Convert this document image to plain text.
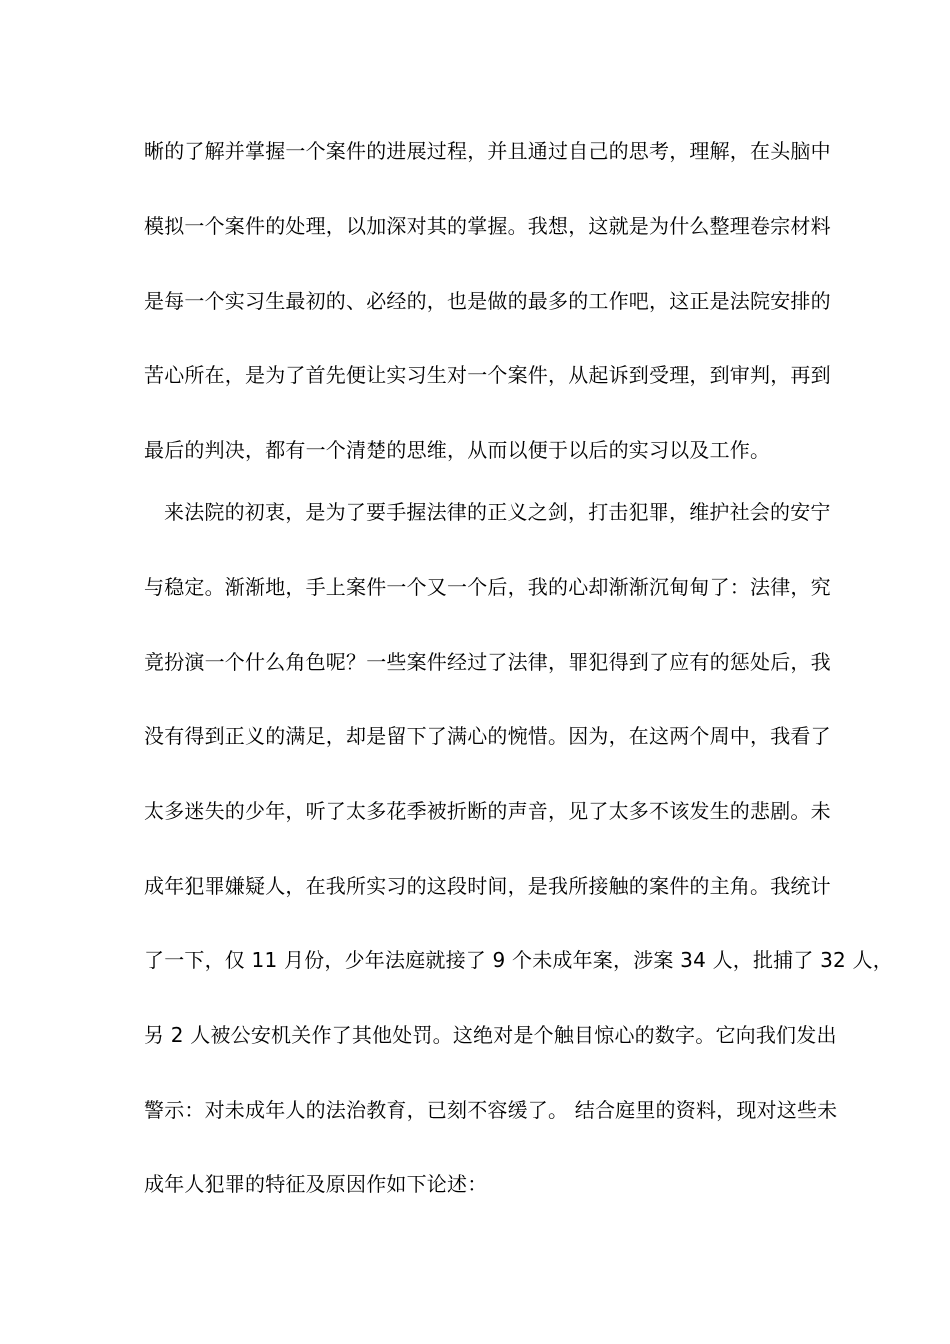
晰的了解并掌握一个案件的进展过程，并且通过自己的思考，理解，在头脑中
模拟一个案件的处理，以加深对其的掌握。我想，这就是为什么整理卷宗材料
是每一个实习生最初的、必经的，也是做的最多的工作吧，这正是法院安排的
苦心所在，是为了首先便让实习生对一个案件，从起诉到受理，到审判，再到
最后的判决，都有一个清楚的思维，从而以便于以后的实习以及工作。
来法院的初衷，是为了要手握法律的正义之剑，打击犯罪，维护社会的安宁
与稳定。渐渐地，手上案件一个又一个后，我的心却渐渐沉甸甸了：法律，究
竟扮演一个什么角色呢？一些案件经过了法律，罪犯得到了应有的惩处后，我
没有得到正义的满足，却是留下了满心的惋惜。因为，在这两个周中，我看了
太多迷失的少年，听了太多花季被折断的声音，见了太多不该发生的悲剧。未
成年犯罪嫌疑人，在我所实习的这段时间，是我所接触的案件的主角。我统计
了一下，仅 11 月份，少年法庭就接了 9 个未成年案，涉案 34 人，批捕了 32 人，
另 2 人被公安机关作了其他处罚。这绝对是个触目惊心的数字。它向我们发出
警示：对未成年人的法治教育，已刻不容缓了。 结合庭里的资料，现对这些未
成年人犯罪的特征及原因作如下论述：
